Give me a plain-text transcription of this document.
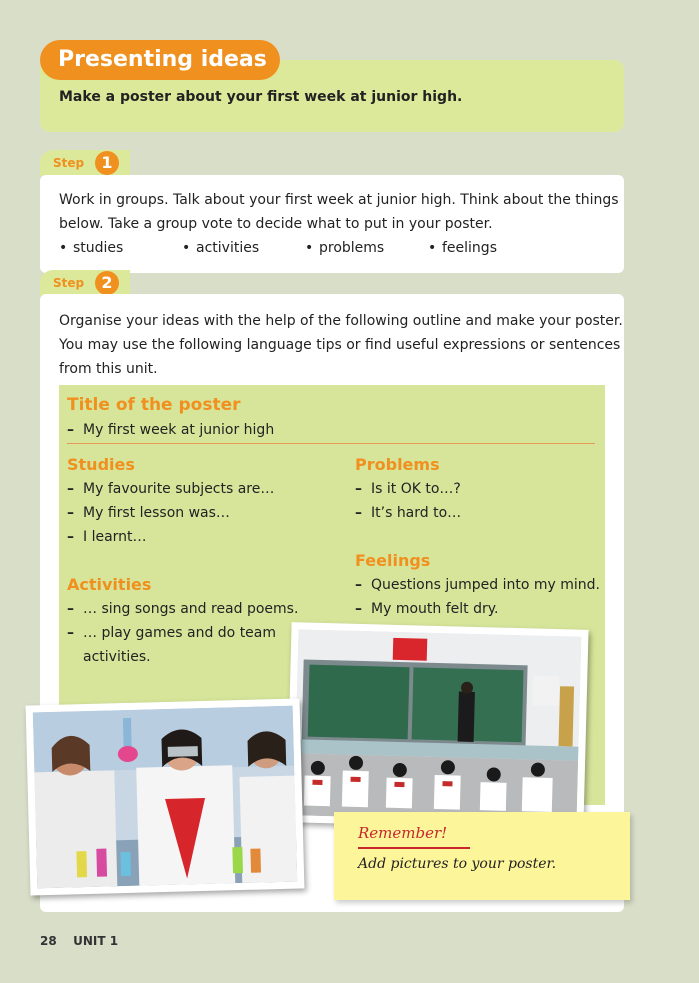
Presenting ideas
Make a poster about your first week at junior high.
Step	1
Work in groups. Talk about your first week at junior high. Think about the things
below. Take a group vote to decide what to put in your poster.
• studies	• activities	• problems	• feelings
Step	2
Organise your ideas with the help of the following outline and make your poster.
You may use the following language tips or find useful expressions or sentences
from this unit.
Title of the poster
– My first week at junior high
Studies
– My favourite subjects are…
– My first lesson was…
– I learnt…
Activities
– … sing songs and read poems.
– … play games and do team
activities.
Problems
– Is it OK to…?
– It’s hard to…
Feelings
– Questions jumped into my mind.
– My mouth felt dry.
Remember!
Add pictures to your poster.
28 UNIT 1
